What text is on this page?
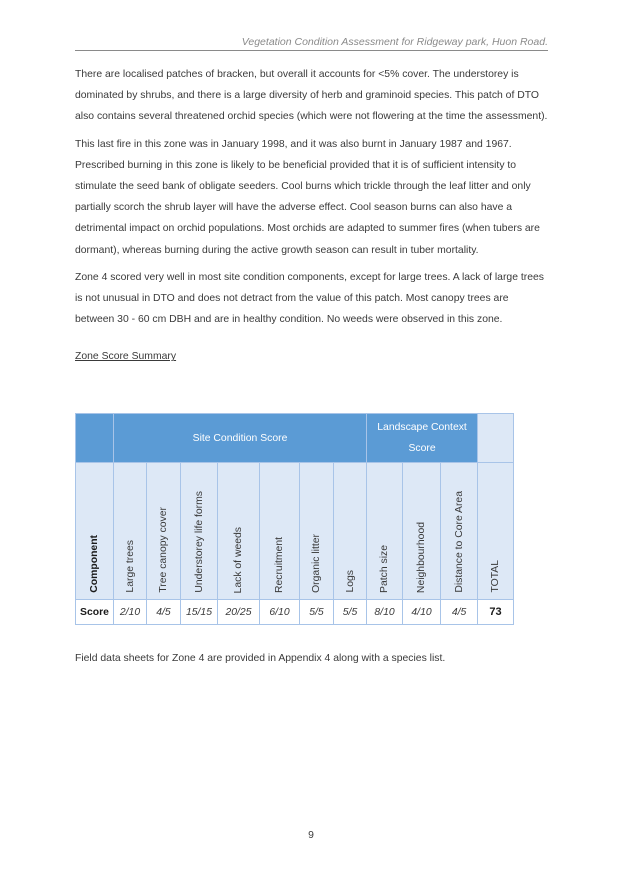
Vegetation Condition Assessment for Ridgeway park, Huon Road.

There are localised patches of bracken, but overall it accounts for <5% cover. The understorey is dominated by shrubs, and there is a large diversity of herb and graminoid species. This patch of DTO also contains several threatened orchid species (which were not flowering at the time the assessment).

This last fire in this zone was in January 1998, and it was also burnt in January 1987 and 1967. Prescribed burning in this zone is likely to be beneficial provided that it is of sufficient intensity to stimulate the seed bank of obligate seeders. Cool burns which trickle through the leaf litter and only partially scorch the shrub layer will have the adverse effect. Cool season burns can also have a detrimental impact on orchid populations. Most orchids are adapted to summer fires (when tubers are dormant), whereas burning during the active growth season can result in tuber mortality.

Zone 4 scored very well in most site condition components, except for large trees. A lack of large trees is not unusual in DTO and does not detract from the value of this patch. Most canopy trees are between 30 - 60 cm DBH and are in healthy condition. No weeds were observed in this zone.

Zone Score Summary
	Site Condition Score							Landscape Context Score			

Component	Large trees	Tree canopy cover	Understorey life forms	Lack of weeds	Recruitment	Organic litter	Logs	Patch size	Neighbourhood	Distance to Core Area	TOTAL

Score	2/10	4/5	15/15	20/25	6/10	5/5	5/5	8/10	4/10	4/5	73
Field data sheets for Zone 4 are provided in Appendix 4 along with a species list.
9
